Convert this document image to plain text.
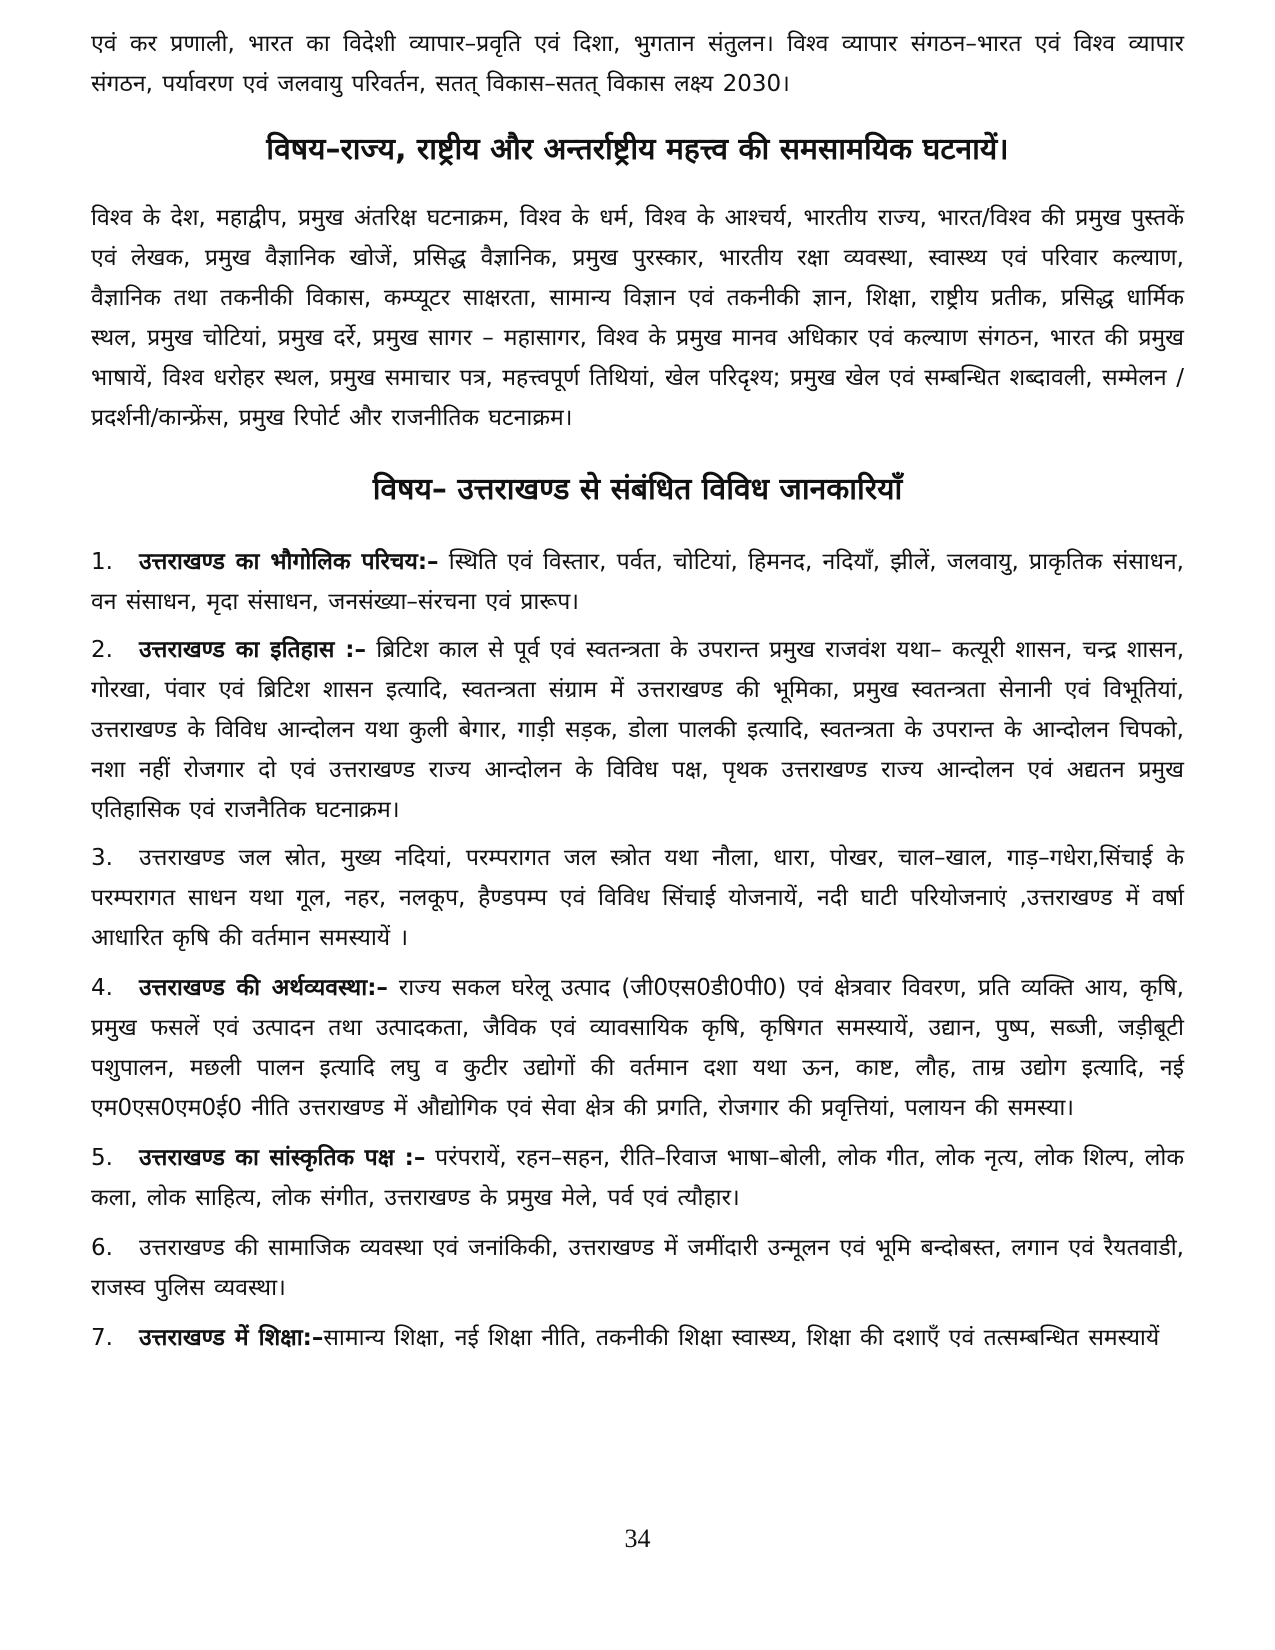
एवं कर प्रणाली, भारत का विदेशी व्यापार–प्रवृति एवं दिशा, भुगतान संतुलन। विश्व व्यापार संगठन–भारत एवं विश्व व्यापार संगठन, पर्यावरण एवं जलवायु परिवर्तन, सतत् विकास–सतत् विकास लक्ष्य 2030।

विषय–राज्य, राष्ट्रीय और अन्तर्राष्ट्रीय महत्त्व की समसामयिक घटनायें।

विश्व के देश, महाद्वीप, प्रमुख अंतरिक्ष घटनाक्रम, विश्व के धर्म, विश्व के आश्चर्य, भारतीय राज्य, भारत/विश्व की प्रमुख पुस्तकें एवं लेखक, प्रमुख वैज्ञानिक खोजें, प्रसिद्ध वैज्ञानिक, प्रमुख पुरस्कार, भारतीय रक्षा व्यवस्था, स्वास्थ्य एवं परिवार कल्याण, वैज्ञानिक तथा तकनीकी विकास, कम्प्यूटर साक्षरता, सामान्य विज्ञान एवं तकनीकी ज्ञान, शिक्षा, राष्ट्रीय प्रतीक, प्रसिद्ध धार्मिक स्थल, प्रमुख चोटियां, प्रमुख दर्रे, प्रमुख सागर – महासागर, विश्व के प्रमुख मानव अधिकार एवं कल्याण संगठन, भारत की प्रमुख भाषायें, विश्व धरोहर स्थल, प्रमुख समाचार पत्र, महत्त्वपूर्ण तिथियां, खेल परिदृश्य; प्रमुख खेल एवं सम्बन्धित शब्दावली, सम्मेलन / प्रदर्शनी/कान्फ्रेंस, प्रमुख रिपोर्ट और राजनीतिक घटनाक्रम।

विषय– उत्तराखण्ड से संबंधित विविध जानकारियाँ

1. उत्तराखण्ड का भौगोलिक परिचय:– स्थिति एवं विस्तार, पर्वत, चोटियां, हिमनद, नदियाँ, झीलें, जलवायु, प्राकृतिक संसाधन, वन संसाधन, मृदा संसाधन, जनसंख्या–संरचना एवं प्रारूप।

2. उत्तराखण्ड का इतिहास :– ब्रिटिश काल से पूर्व एवं स्वतन्त्रता के उपरान्त प्रमुख राजवंश यथा– कत्यूरी शासन, चन्द्र शासन, गोरखा, पंवार एवं ब्रिटिश शासन इत्यादि, स्वतन्त्रता संग्राम में उत्तराखण्ड की भूमिका, प्रमुख स्वतन्त्रता सेनानी एवं विभूतियां, उत्तराखण्ड के विविध आन्दोलन यथा कुली बेगार, गाड़ी सड़क, डोला पालकी इत्यादि, स्वतन्त्रता के उपरान्त के आन्दोलन चिपको, नशा नहीं रोजगार दो एवं उत्तराखण्ड राज्य आन्दोलन के विविध पक्ष, पृथक उत्तराखण्ड राज्य आन्दोलन एवं अद्यतन प्रमुख एतिहासिक एवं राजनैतिक घटनाक्रम।

3. उत्तराखण्ड जल स्रोत, मुख्य नदियां, परम्परागत जल स्त्रोत यथा नौला, धारा, पोखर, चाल–खाल, गाड़–गधेरा,सिंचाई के परम्परागत साधन यथा गूल, नहर, नलकूप, हैण्डपम्प एवं विविध सिंचाई योजनायें, नदी घाटी परियोजनाएं ,उत्तराखण्ड में वर्षा आधारित कृषि की वर्तमान समस्यायें ।

4. उत्तराखण्ड की अर्थव्यवस्था:– राज्य सकल घरेलू उत्पाद (जी0एस0डी0पी0) एवं क्षेत्रवार विवरण, प्रति व्यक्ति आय, कृषि, प्रमुख फसलें एवं उत्पादन तथा उत्पादकता, जैविक एवं व्यावसायिक कृषि, कृषिगत समस्यायें, उद्यान, पुष्प, सब्जी, जड़ीबूटी पशुपालन, मछली पालन इत्यादि लघु व कुटीर उद्योगों की वर्तमान दशा यथा ऊन, काष्ट, लौह, ताम्र उद्योग इत्यादि, नई एम0एस0एम0ई0 नीति उत्तराखण्ड में औद्योगिक एवं सेवा क्षेत्र की प्रगति, रोजगार की प्रवृत्तियां, पलायन की समस्या।

5. उत्तराखण्ड का सांस्कृतिक पक्ष :– परंपरायें, रहन–सहन, रीति–रिवाज भाषा–बोली, लोक गीत, लोक नृत्य, लोक शिल्प, लोक कला, लोक साहित्य, लोक संगीत, उत्तराखण्ड के प्रमुख मेले, पर्व एवं त्यौहार।

6. उत्तराखण्ड की सामाजिक व्यवस्था एवं जनांकिकी, उत्तराखण्ड में जमींदारी उन्मूलन एवं भूमि बन्दोबस्त, लगान एवं रैयतवाडी, राजस्व पुलिस व्यवस्था।

7. उत्तराखण्ड में शिक्षा:–सामान्य शिक्षा, नई शिक्षा नीति, तकनीकी शिक्षा स्वास्थ्य, शिक्षा की दशाएँ एवं तत्सम्बन्धित समस्यायें

34
